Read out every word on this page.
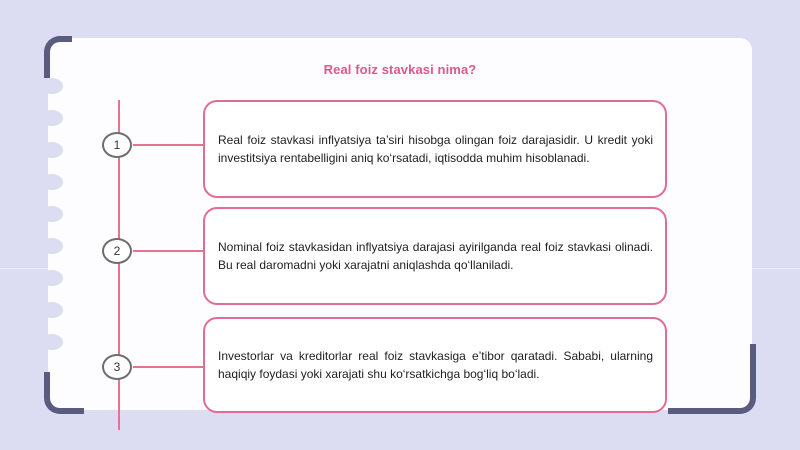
Real foiz stavkasi nima?
1	Real foiz stavkasi inflyatsiya ta’siri hisobga olingan foiz darajasidir. U kredit yoki investitsiya rentabelligini aniq ko‘rsatadi, iqtisodda muhim hisoblanadi.

2	Nominal foiz stavkasidan inflyatsiya darajasi ayirilganda real foiz stavkasi olinadi. Bu real daromadni yoki xarajatni aniqlashda qo‘llaniladi.

3

Investorlar va kreditorlar real foiz stavkasiga e’tibor qaratadi. Sababi, ularning haqiqiy foydasi yoki xarajati shu ko‘rsatkichga bog‘liq bo‘ladi.
